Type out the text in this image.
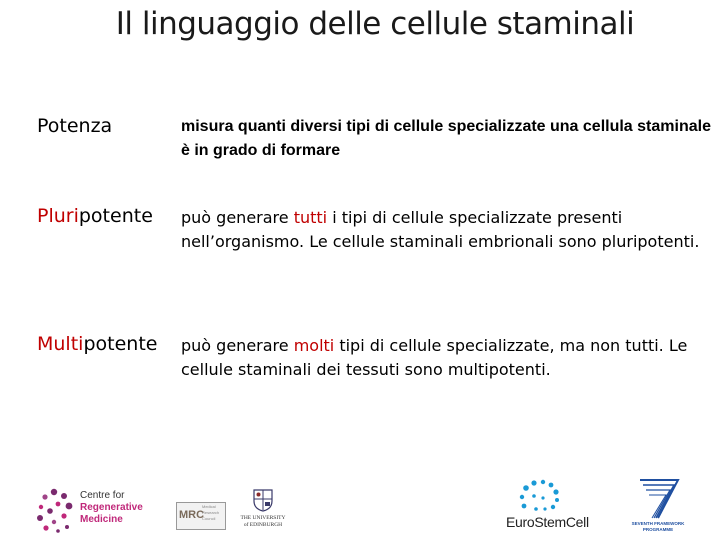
Il linguaggio delle cellule staminali
Potenza	misura quanti diversi tipi di cellule specializzate una cellula staminale è in grado di formare
Pluripotente può generare tutti i tipi di cellule specializzate presenti nell’organismo. Le cellule staminali embrionali sono pluripotenti.
Multipotente può generare molti tipi di cellule specializzate, ma non tutti. Le cellule staminali dei tessuti sono multipotenti.
Centre for
Regenerative
Medicine	MRC
Medical
Research
Council	THE UNIVERSITY
of EDINBURGH	EuroStemCell	SEVENTH FRAMEWORK
PROGRAMME
